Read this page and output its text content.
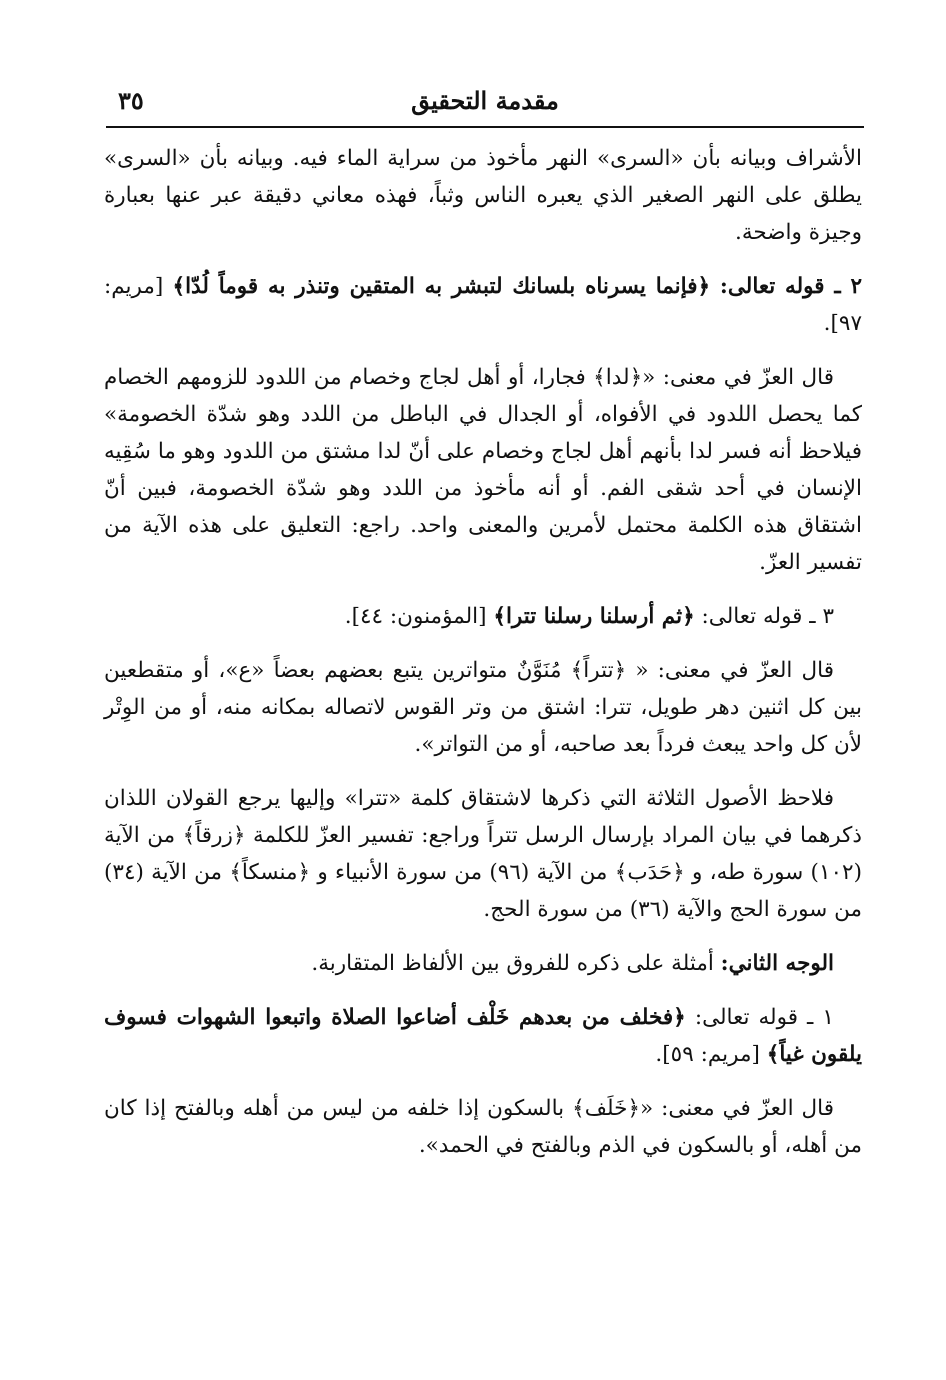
مقدمة التحقيق
٣٥

الأشراف وبيانه بأن «السرى» النهر مأخوذ من سراية الماء فيه. وبيانه بأن «السرى» يطلق على النهر الصغير الذي يعبره الناس وثباً، فهذه معاني دقيقة عبر عنها بعبارة وجيزة واضحة.

٢ ـ قوله تعالى: ﴿فإنما يسرناه بلسانك لتبشر به المتقين وتنذر به قوماً لُدّا﴾ [مريم: ٩٧].

قال العزّ في معنى: «﴿لدا﴾ فجارا، أو أهل لجاج وخصام من اللدود للزومهم الخصام كما يحصل اللدود في الأفواه، أو الجدال في الباطل من اللدد وهو شدّة الخصومة» فيلاحظ أنه فسر لدا بأنهم أهل لجاج وخصام على أنّ لدا مشتق من اللدود وهو ما سُقِيه الإنسان في أحد شقى الفم. أو أنه مأخوذ من اللدد وهو شدّة الخصومة، فبين أنّ اشتقاق هذه الكلمة محتمل لأمرين والمعنى واحد. راجع: التعليق على هذه الآية من تفسير العزّ.

٣ ـ قوله تعالى: ﴿ثم أرسلنا رسلنا تترا﴾ [المؤمنون: ٤٤].

قال العزّ في معنى: « ﴿تتراً﴾ مُنَوَّنٌ متواترين يتبع بعضهم بعضاً «ع»، أو متقطعين بين كل اثنين دهر طويل، تترا: اشتق من وتر القوس لاتصاله بمكانه منه، أو من الوِتْر لأن كل واحد يبعث فرداً بعد صاحبه، أو من التواتر».

فلاحظ الأصول الثلاثة التي ذكرها لاشتقاق كلمة «تترا» وإليها يرجع القولان اللذان ذكرهما في بيان المراد بإرسال الرسل تتراً وراجع: تفسير العزّ للكلمة ﴿زرقاً﴾ من الآية (١٠٢) سورة طه، و ﴿حَدَب﴾ من الآية (٩٦) من سورة الأنبياء و ﴿منسكاً﴾ من الآية (٣٤) من سورة الحج والآية (٣٦) من سورة الحج.

الوجه الثاني: أمثلة على ذكره للفروق بين الألفاظ المتقاربة.

١ ـ قوله تعالى: ﴿فخلف من بعدهم خَلْف أضاعوا الصلاة واتبعوا الشهوات فسوف يلقون غياً﴾ [مريم: ٥٩].

قال العزّ في معنى: «﴿خَلَف﴾ بالسكون إذا خلفه من ليس من أهله وبالفتح إذا كان من أهله، أو بالسكون في الذم وبالفتح في الحمد».
